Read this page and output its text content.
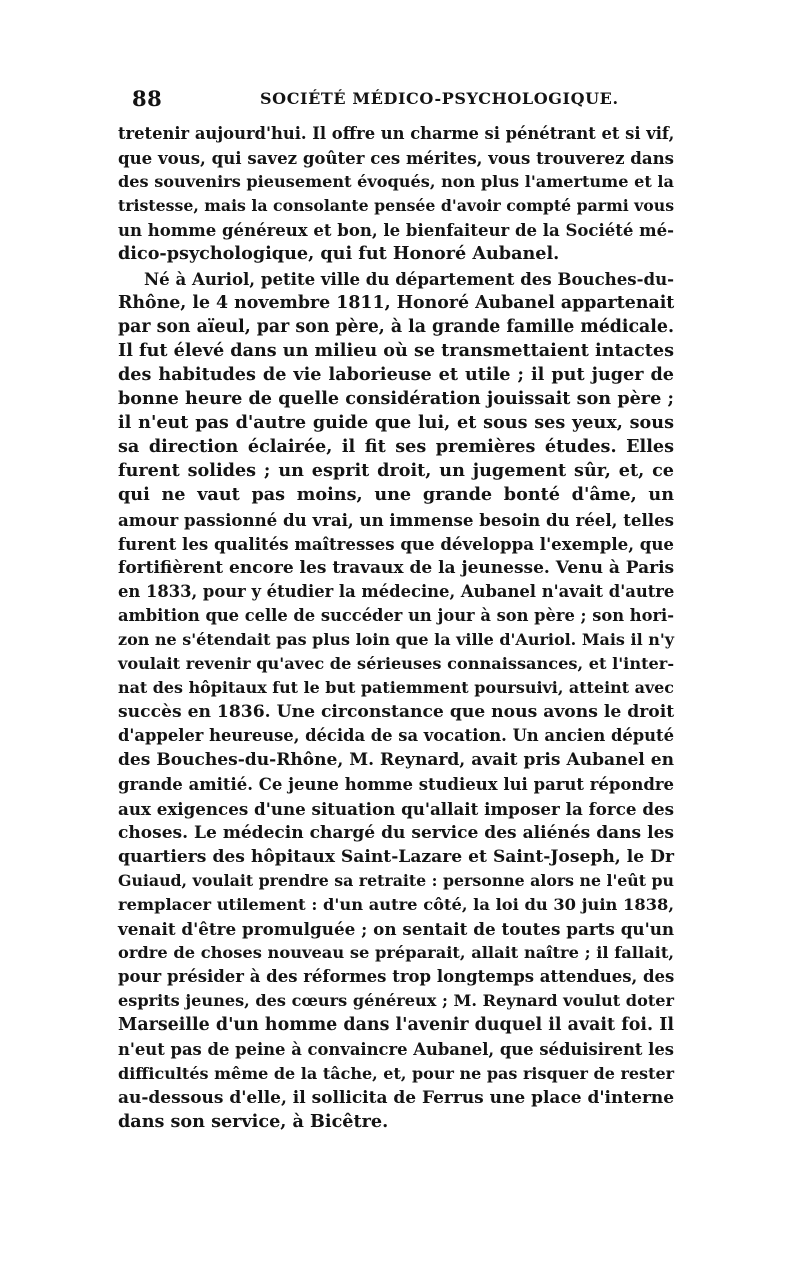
88	SOCIÉTÉ MÉDICO-PSYCHOLOGIQUE.
tretenir aujourd'hui. Il offre un charme si pénétrant et si vif,
que vous, qui savez goûter ces mérites, vous trouverez dans
des souvenirs pieusement évoqués, non plus l'amertume et la
tristesse, mais la consolante pensée d'avoir compté parmi vous
un homme généreux et bon, le bienfaiteur de la Société mé-
dico-psychologique, qui fut Honoré Aubanel.
Né à Auriol, petite ville du département des Bouches-du-
Rhône, le 4 novembre 1811, Honoré Aubanel appartenait
par son aïeul, par son père, à la grande famille médicale.
Il fut élevé dans un milieu où se transmettaient intactes
des habitudes de vie laborieuse et utile ; il put juger de
bonne heure de quelle considération jouissait son père ;
il n'eut pas d'autre guide que lui, et sous ses yeux, sous
sa direction éclairée, il fit ses premières études. Elles
furent solides ; un esprit droit, un jugement sûr, et, ce
qui ne vaut pas moins, une grande bonté d'âme, un
amour passionné du vrai, un immense besoin du réel, telles
furent les qualités maîtresses que développa l'exemple, que
fortifièrent encore les travaux de la jeunesse. Venu à Paris
en 1833, pour y étudier la médecine, Aubanel n'avait d'autre
ambition que celle de succéder un jour à son père ; son hori-
zon ne s'étendait pas plus loin que la ville d'Auriol. Mais il n'y
voulait revenir qu'avec de sérieuses connaissances, et l'inter-
nat des hôpitaux fut le but patiemment poursuivi, atteint avec
succès en 1836. Une circonstance que nous avons le droit
d'appeler heureuse, décida de sa vocation. Un ancien député
des Bouches-du-Rhône, M. Reynard, avait pris Aubanel en
grande amitié. Ce jeune homme studieux lui parut répondre
aux exigences d'une situation qu'allait imposer la force des
choses. Le médecin chargé du service des aliénés dans les
quartiers des hôpitaux Saint-Lazare et Saint-Joseph, le Dr
Guiaud, voulait prendre sa retraite : personne alors ne l'eût pu
remplacer utilement : d'un autre côté, la loi du 30 juin 1838,
venait d'être promulguée ; on sentait de toutes parts qu'un
ordre de choses nouveau se préparait, allait naître ; il fallait,
pour présider à des réformes trop longtemps attendues, des
esprits jeunes, des cœurs généreux ; M. Reynard voulut doter
Marseille d'un homme dans l'avenir duquel il avait foi. Il
n'eut pas de peine à convaincre Aubanel, que séduisirent les
difficultés même de la tâche, et, pour ne pas risquer de rester
au-dessous d'elle, il sollicita de Ferrus une place d'interne
dans son service, à Bicêtre.
